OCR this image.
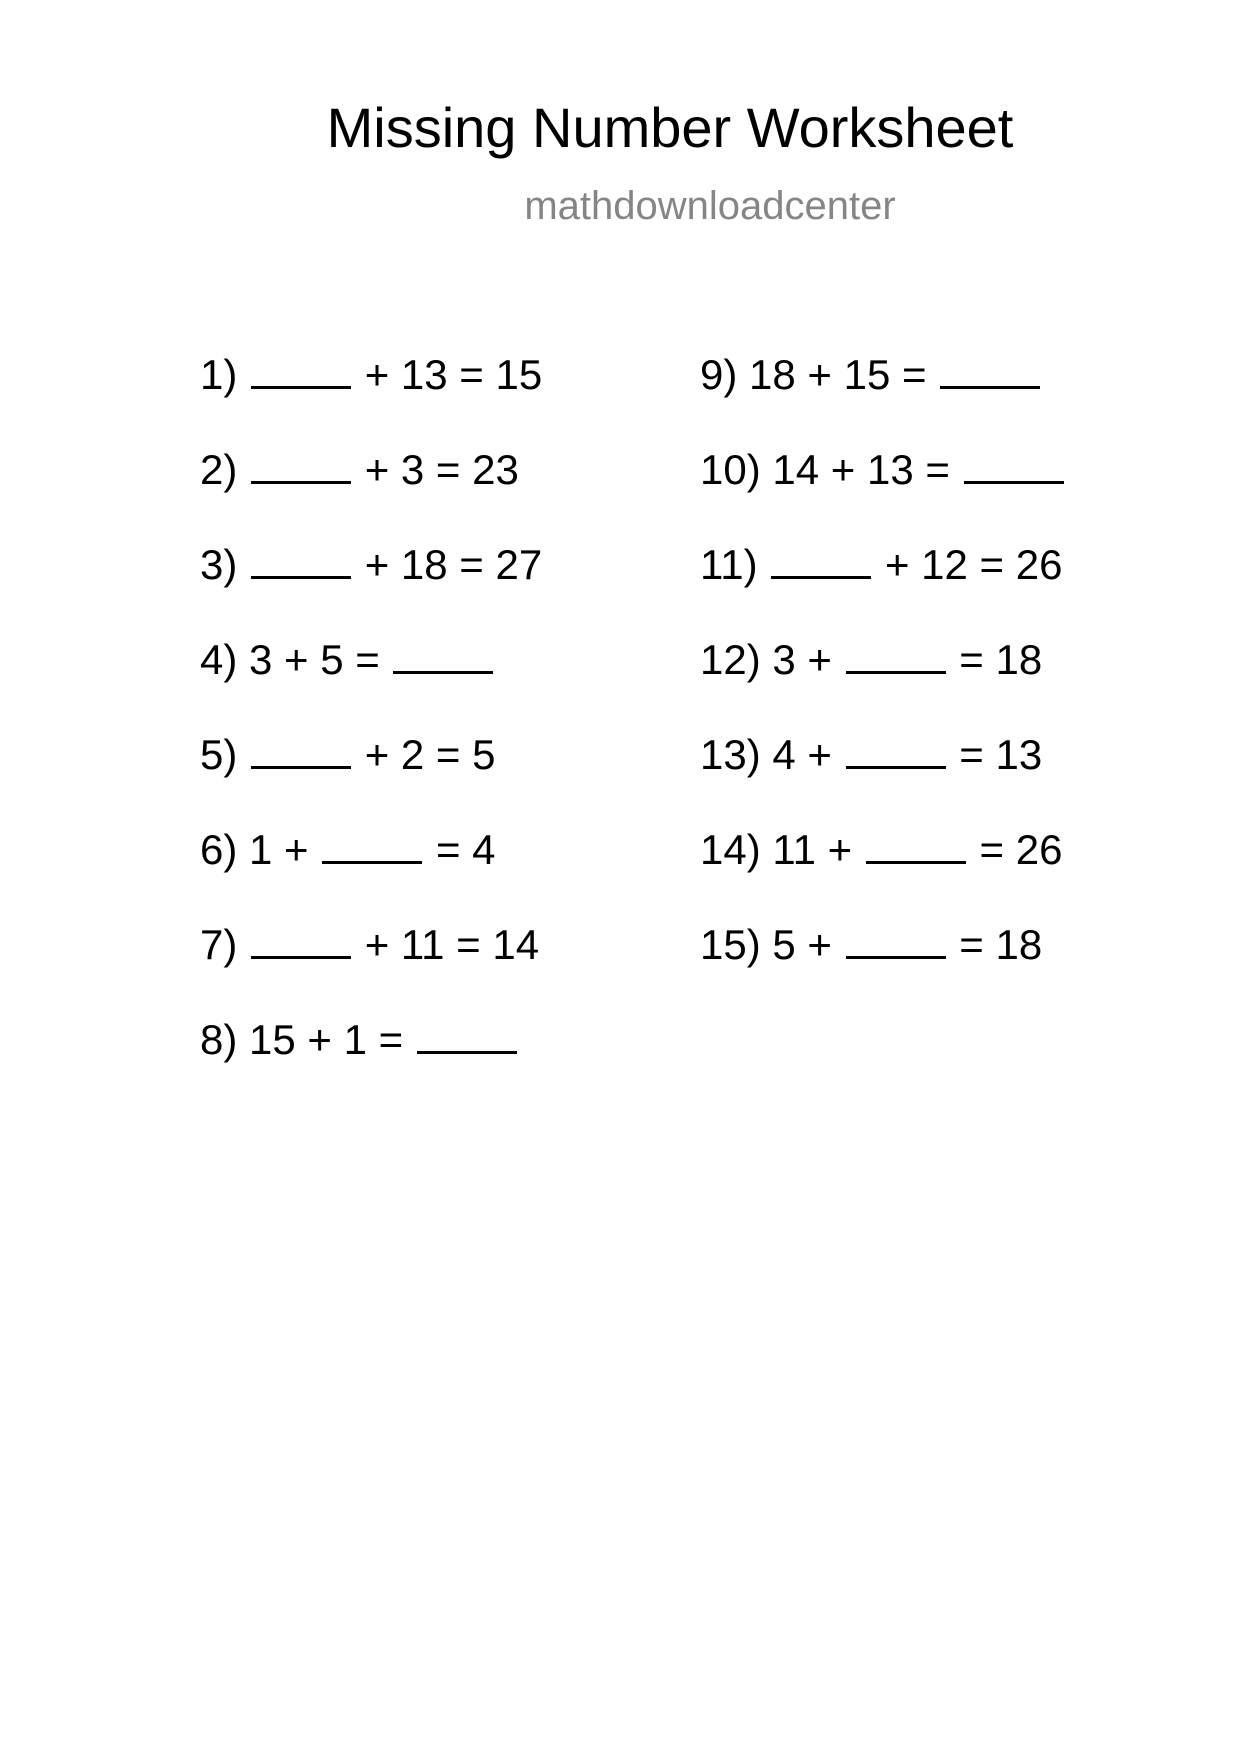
Missing Number Worksheet
mathdownloadcenter
1)	+ 13 = 15
2)	+ 3 = 23
3)	+ 18 = 27
4) 3 + 5 =
5)	+ 2 = 5
6) 1 +	= 4
7)	+ 11 = 14
8) 15 + 1 =
9) 18 + 15 =
10) 14 + 13 =
11)	+ 12 = 26
12) 3 +	= 18
13) 4 +	= 13
14) 11 +	= 26
15) 5 +	= 18
